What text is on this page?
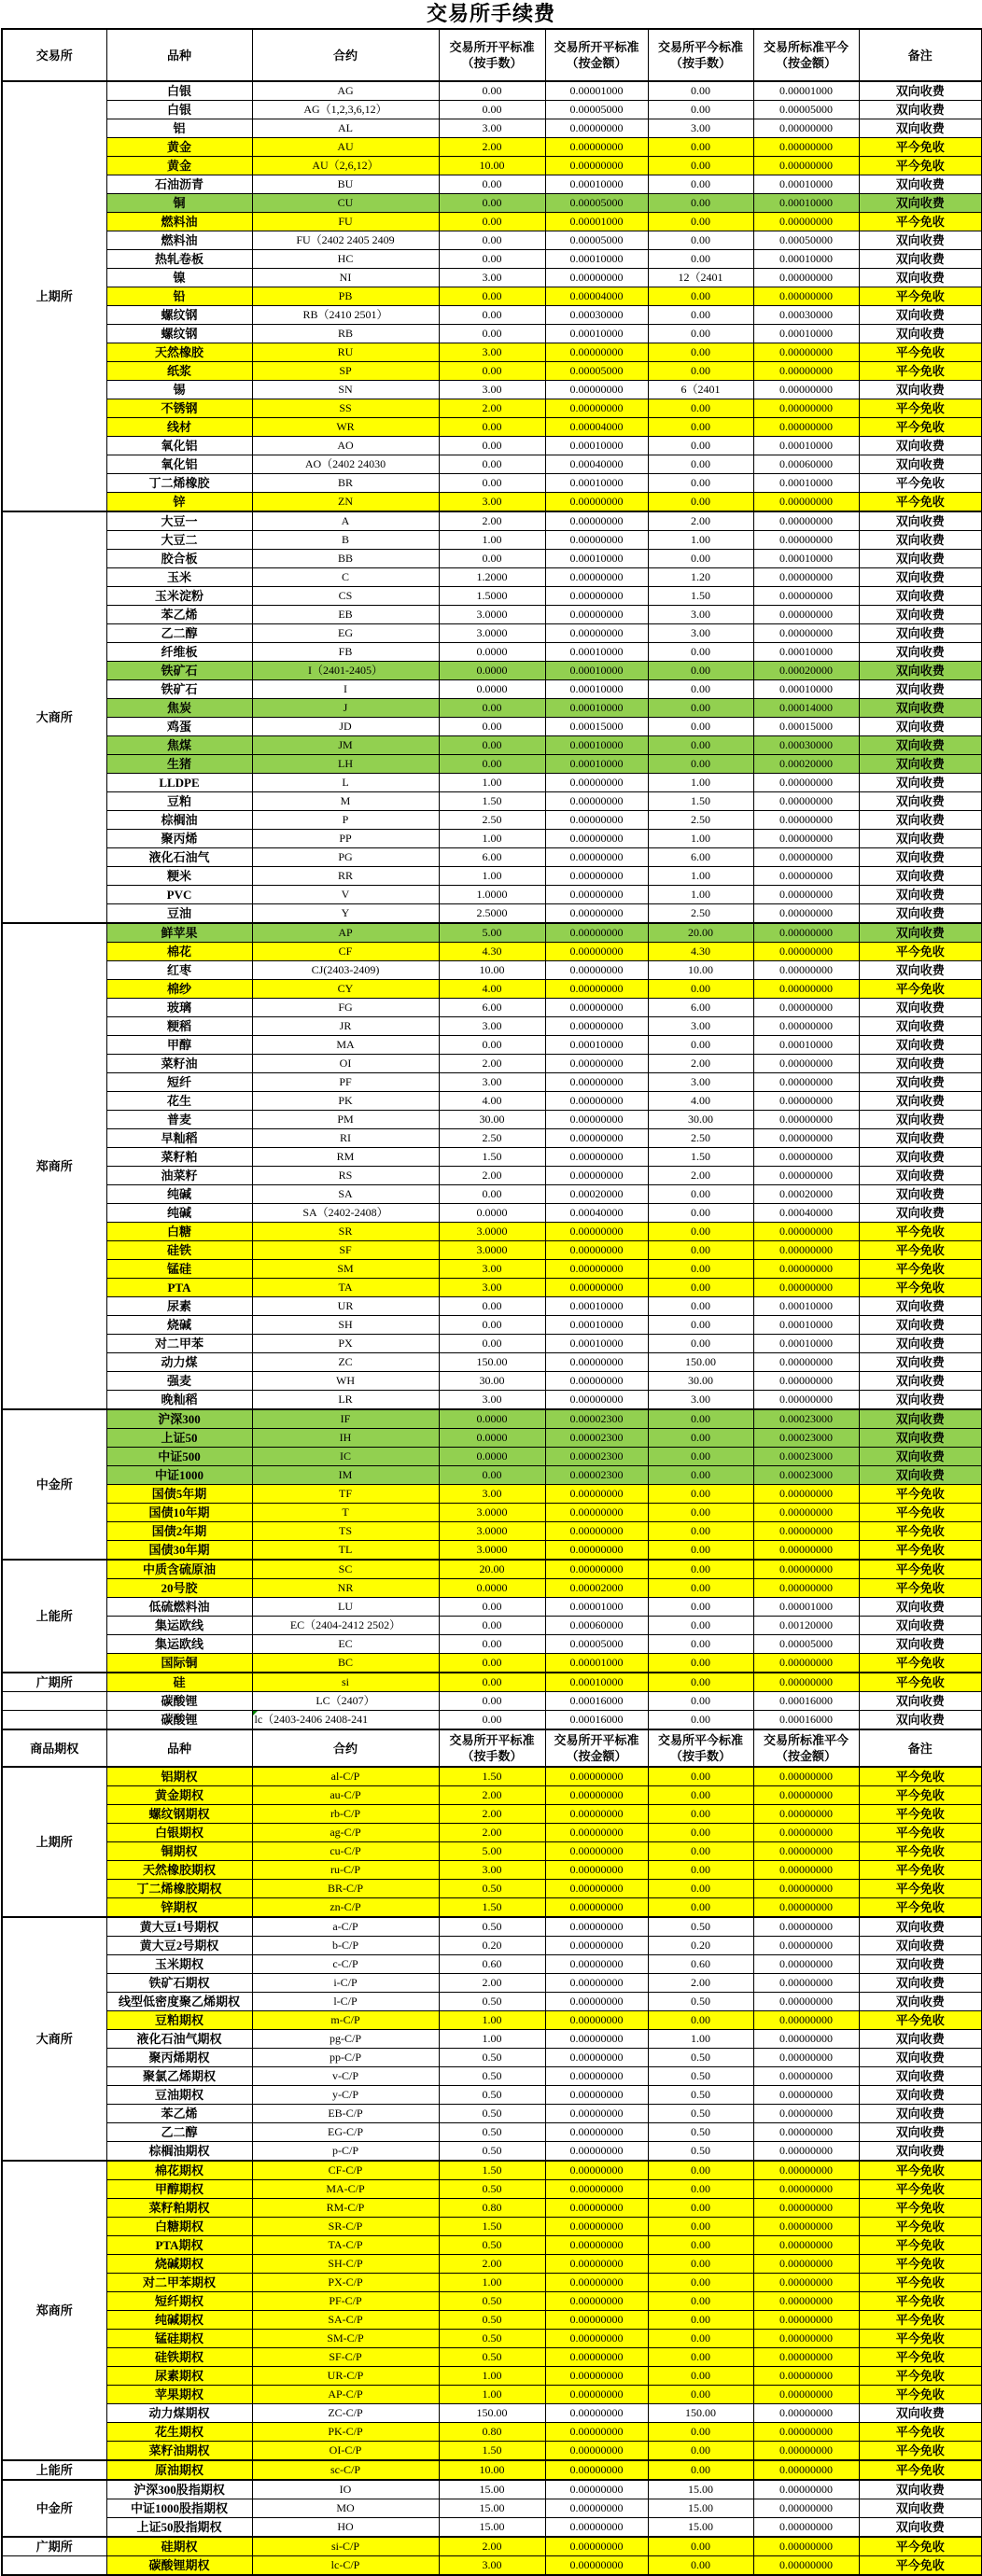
交易所手续费
交易所	品种	合约	交易所开平标准（按手数）	交易所开平标准（按金额）	交易所平今标准（按手数）	交易所标准平今（按金额）	备注
上期所	白银	AG	0.00	0.00001000	0.00	0.00001000	双向收费
	白银	AG（1,2,3,6,12）	0.00	0.00005000	0.00	0.00005000	双向收费
	铝	AL	3.00	0.00000000	3.00	0.00000000	双向收费
	黄金	AU	2.00	0.00000000	0.00	0.00000000	平今免收
	黄金	AU（2,6,12）	10.00	0.00000000	0.00	0.00000000	平今免收
	石油沥青	BU	0.00	0.00010000	0.00	0.00010000	双向收费
	铜	CU	0.00	0.00005000	0.00	0.00010000	双向收费
	燃料油	FU	0.00	0.00001000	0.00	0.00000000	平今免收
	燃料油	FU（2402 2405 2409	0.00	0.00005000	0.00	0.00050000	双向收费
	热轧卷板	HC	0.00	0.00010000	0.00	0.00010000	双向收费
	镍	NI	3.00	0.00000000	12（2401	0.00000000	双向收费
	铅	PB	0.00	0.00004000	0.00	0.00000000	平今免收
	螺纹钢	RB（2410 2501）	0.00	0.00030000	0.00	0.00030000	双向收费
	螺纹钢	RB	0.00	0.00010000	0.00	0.00010000	双向收费
	天然橡胶	RU	3.00	0.00000000	0.00	0.00000000	平今免收
	纸浆	SP	0.00	0.00005000	0.00	0.00000000	平今免收
	锡	SN	3.00	0.00000000	6（2401	0.00000000	双向收费
	不锈钢	SS	2.00	0.00000000	0.00	0.00000000	平今免收
	线材	WR	0.00	0.00004000	0.00	0.00000000	平今免收
	氧化铝	AO	0.00	0.00010000	0.00	0.00010000	双向收费
	氧化铝	AO（2402 24030	0.00	0.00040000	0.00	0.00060000	双向收费
	丁二烯橡胶	BR	0.00	0.00010000	0.00	0.00010000	平今免收
	锌	ZN	3.00	0.00000000	0.00	0.00000000	平今免收
大商所	大豆一	A	2.00	0.00000000	2.00	0.00000000	双向收费
	大豆二	B	1.00	0.00000000	1.00	0.00000000	双向收费
	胶合板	BB	0.00	0.00010000	0.00	0.00010000	双向收费
	玉米	C	1.2000	0.00000000	1.20	0.00000000	双向收费
	玉米淀粉	CS	1.5000	0.00000000	1.50	0.00000000	双向收费
	苯乙烯	EB	3.0000	0.00000000	3.00	0.00000000	双向收费
	乙二醇	EG	3.0000	0.00000000	3.00	0.00000000	双向收费
	纤维板	FB	0.0000	0.00010000	0.00	0.00010000	双向收费
	铁矿石	I（2401-2405）	0.0000	0.00010000	0.00	0.00020000	双向收费
	铁矿石	I	0.0000	0.00010000	0.00	0.00010000	双向收费
	焦炭	J	0.00	0.00010000	0.00	0.00014000	双向收费
	鸡蛋	JD	0.00	0.00015000	0.00	0.00015000	双向收费
	焦煤	JM	0.00	0.00010000	0.00	0.00030000	双向收费
	生猪	LH	0.00	0.00010000	0.00	0.00020000	双向收费
	LLDPE	L	1.00	0.00000000	1.00	0.00000000	双向收费
	豆粕	M	1.50	0.00000000	1.50	0.00000000	双向收费
	棕榈油	P	2.50	0.00000000	2.50	0.00000000	双向收费
	聚丙烯	PP	1.00	0.00000000	1.00	0.00000000	双向收费
	液化石油气	PG	6.00	0.00000000	6.00	0.00000000	双向收费
	粳米	RR	1.00	0.00000000	1.00	0.00000000	双向收费
	PVC	V	1.0000	0.00000000	1.00	0.00000000	双向收费
	豆油	Y	2.5000	0.00000000	2.50	0.00000000	双向收费
郑商所	鲜苹果	AP	5.00	0.00000000	20.00	0.00000000	双向收费
	棉花	CF	4.30	0.00000000	4.30	0.00000000	平今免收
	红枣	CJ(2403-2409)	10.00	0.00000000	10.00	0.00000000	双向收费
	棉纱	CY	4.00	0.00000000	0.00	0.00000000	平今免收
	玻璃	FG	6.00	0.00000000	6.00	0.00000000	双向收费
	粳稻	JR	3.00	0.00000000	3.00	0.00000000	双向收费
	甲醇	MA	0.00	0.00010000	0.00	0.00010000	双向收费
	菜籽油	OI	2.00	0.00000000	2.00	0.00000000	双向收费
	短纤	PF	3.00	0.00000000	3.00	0.00000000	双向收费
	花生	PK	4.00	0.00000000	4.00	0.00000000	双向收费
	普麦	PM	30.00	0.00000000	30.00	0.00000000	双向收费
	早籼稻	RI	2.50	0.00000000	2.50	0.00000000	双向收费
	菜籽粕	RM	1.50	0.00000000	1.50	0.00000000	双向收费
	油菜籽	RS	2.00	0.00000000	2.00	0.00000000	双向收费
	纯碱	SA	0.00	0.00020000	0.00	0.00020000	双向收费
	纯碱	SA（2402-2408）	0.0000	0.00040000	0.00	0.00040000	双向收费
	白糖	SR	3.0000	0.00000000	0.00	0.00000000	平今免收
	硅铁	SF	3.0000	0.00000000	0.00	0.00000000	平今免收
	锰硅	SM	3.00	0.00000000	0.00	0.00000000	平今免收
	PTA	TA	3.00	0.00000000	0.00	0.00000000	平今免收
	尿素	UR	0.00	0.00010000	0.00	0.00010000	双向收费
	烧碱	SH	0.00	0.00010000	0.00	0.00010000	双向收费
	对二甲苯	PX	0.00	0.00010000	0.00	0.00010000	双向收费
	动力煤	ZC	150.00	0.00000000	150.00	0.00000000	双向收费
	强麦	WH	30.00	0.00000000	30.00	0.00000000	双向收费
	晚籼稻	LR	3.00	0.00000000	3.00	0.00000000	双向收费
中金所	沪深300	IF	0.0000	0.00002300	0.00	0.00023000	双向收费
	上证50	IH	0.0000	0.00002300	0.00	0.00023000	双向收费
	中证500	IC	0.0000	0.00002300	0.00	0.00023000	双向收费
	中证1000	IM	0.00	0.00002300	0.00	0.00023000	双向收费
	国债5年期	TF	3.00	0.00000000	0.00	0.00000000	平今免收
	国债10年期	T	3.0000	0.00000000	0.00	0.00000000	平今免收
	国债2年期	TS	3.0000	0.00000000	0.00	0.00000000	平今免收
	国债30年期	TL	3.0000	0.00000000	0.00	0.00000000	平今免收
上能所	中质含硫原油	SC	20.00	0.00000000	0.00	0.00000000	平今免收
	20号胶	NR	0.0000	0.00002000	0.00	0.00000000	平今免收
	低硫燃料油	LU	0.00	0.00001000	0.00	0.00001000	双向收费
	集运欧线	EC（2404-2412 2502）	0.00	0.00060000	0.00	0.00120000	双向收费
	集运欧线	EC	0.00	0.00005000	0.00	0.00005000	双向收费
	国际铜	BC	0.00	0.00001000	0.00	0.00000000	平今免收
广期所	硅	si	0.00	0.00010000	0.00	0.00000000	平今免收
	碳酸锂	LC（2407）	0.00	0.00016000	0.00	0.00016000	双向收费
	碳酸锂	lc（2403-2406 2408-241	0.00	0.00016000	0.00	0.00016000	双向收费
商品期权	品种	合约	交易所开平标准（按手数）	交易所开平标准（按金额）	交易所平今标准（按手数）	交易所标准平今（按金额）	备注
上期所	铝期权	al-C/P	1.50	0.00000000	0.00	0.00000000	平今免收
	黄金期权	au-C/P	2.00	0.00000000	0.00	0.00000000	平今免收
	螺纹钢期权	rb-C/P	2.00	0.00000000	0.00	0.00000000	平今免收
	白银期权	ag-C/P	2.00	0.00000000	0.00	0.00000000	平今免收
	铜期权	cu-C/P	5.00	0.00000000	0.00	0.00000000	平今免收
	天然橡胶期权	ru-C/P	3.00	0.00000000	0.00	0.00000000	平今免收
	丁二烯橡胶期权	BR-C/P	0.50	0.00000000	0.00	0.00000000	平今免收
	锌期权	zn-C/P	1.50	0.00000000	0.00	0.00000000	平今免收
大商所	黄大豆1号期权	a-C/P	0.50	0.00000000	0.50	0.00000000	双向收费
	黄大豆2号期权	b-C/P	0.20	0.00000000	0.20	0.00000000	双向收费
	玉米期权	c-C/P	0.60	0.00000000	0.60	0.00000000	双向收费
	铁矿石期权	i-C/P	2.00	0.00000000	2.00	0.00000000	双向收费
	线型低密度聚乙烯期权	l-C/P	0.50	0.00000000	0.50	0.00000000	双向收费
	豆粕期权	m-C/P	1.00	0.00000000	0.00	0.00000000	平今免收
	液化石油气期权	pg-C/P	1.00	0.00000000	1.00	0.00000000	双向收费
	聚丙烯期权	pp-C/P	0.50	0.00000000	0.50	0.00000000	双向收费
	聚氯乙烯期权	v-C/P	0.50	0.00000000	0.50	0.00000000	双向收费
	豆油期权	y-C/P	0.50	0.00000000	0.50	0.00000000	双向收费
	苯乙烯	EB-C/P	0.50	0.00000000	0.50	0.00000000	双向收费
	乙二醇	EG-C/P	0.50	0.00000000	0.50	0.00000000	双向收费
	棕榈油期权	p-C/P	0.50	0.00000000	0.50	0.00000000	双向收费
郑商所	棉花期权	CF-C/P	1.50	0.00000000	0.00	0.00000000	平今免收
	甲醇期权	MA-C/P	0.50	0.00000000	0.00	0.00000000	平今免收
	菜籽粕期权	RM-C/P	0.80	0.00000000	0.00	0.00000000	平今免收
	白糖期权	SR-C/P	1.50	0.00000000	0.00	0.00000000	平今免收
	PTA期权	TA-C/P	0.50	0.00000000	0.00	0.00000000	平今免收
	烧碱期权	SH-C/P	2.00	0.00000000	0.00	0.00000000	平今免收
	对二甲苯期权	PX-C/P	1.00	0.00000000	0.00	0.00000000	平今免收
	短纤期权	PF-C/P	0.50	0.00000000	0.00	0.00000000	平今免收
	纯碱期权	SA-C/P	0.50	0.00000000	0.00	0.00000000	平今免收
	锰硅期权	SM-C/P	0.50	0.00000000	0.00	0.00000000	平今免收
	硅铁期权	SF-C/P	0.50	0.00000000	0.00	0.00000000	平今免收
	尿素期权	UR-C/P	1.00	0.00000000	0.00	0.00000000	平今免收
	苹果期权	AP-C/P	1.00	0.00000000	0.00	0.00000000	平今免收
	动力煤期权	ZC-C/P	150.00	0.00000000	150.00	0.00000000	双向收费
	花生期权	PK-C/P	0.80	0.00000000	0.00	0.00000000	平今免收
	菜籽油期权	OI-C/P	1.50	0.00000000	0.00	0.00000000	平今免收
上能所	原油期权	sc-C/P	10.00	0.00000000	0.00	0.00000000	平今免收
中金所	沪深300股指期权	IO	15.00	0.00000000	15.00	0.00000000	双向收费
	中证1000股指期权	MO	15.00	0.00000000	15.00	0.00000000	双向收费
	上证50股指期权	HO	15.00	0.00000000	15.00	0.00000000	双向收费
广期所	硅期权	si-C/P	2.00	0.00000000	0.00	0.00000000	平今免收
	碳酸锂期权	lc-C/P	3.00	0.00000000	0.00	0.00000000	平今免收
